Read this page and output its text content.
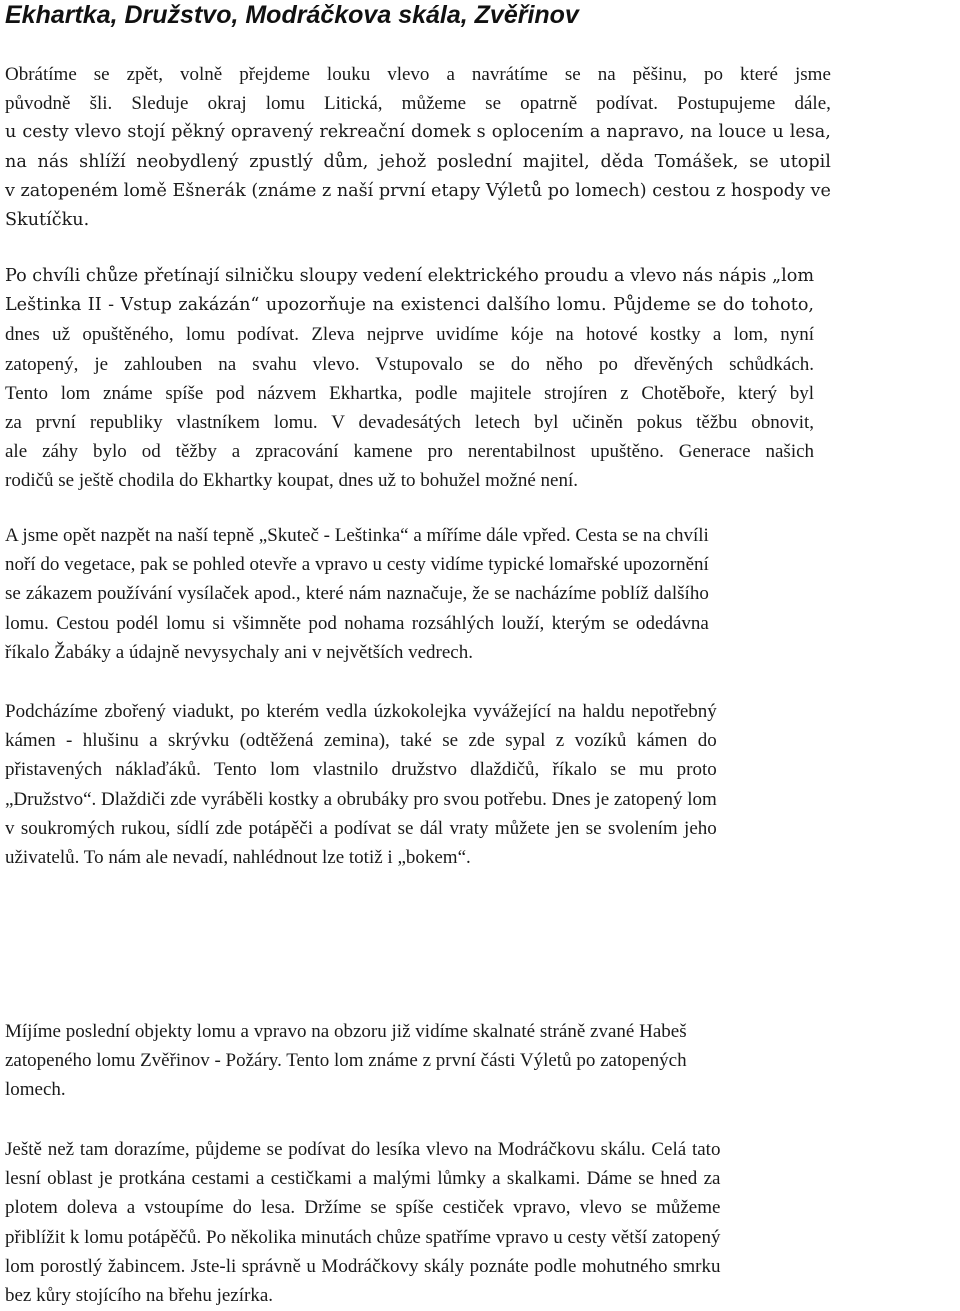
Ekhartka, Družstvo, Modráčkova skála, Zvěřinov
Obrátíme se zpět, volně přejdeme louku vlevo a navrátíme se na pěšinu, po které jsme
původně šli. Sleduje okraj lomu Litická, můžeme se opatrně podívat. Postupujeme dále,
u cesty vlevo stojí pěkný opravený rekreační domek s oplocením a napravo, na louce u lesa,
na nás shlíží neobydlený zpustlý dům, jehož poslední majitel, děda Tomášek, se utopil
v zatopeném lomě Ešnerák (známe z naší první etapy Výletů po lomech) cestou z hospody ve
Skutíčku.
Po chvíli chůze přetínají silničku sloupy vedení elektrického proudu a vlevo nás nápis „lom
Leštinka II - Vstup zakázán“ upozorňuje na existenci dalšího lomu. Půjdeme se do tohoto,
dnes už opuštěného, lomu podívat. Zleva nejprve uvidíme kóje na hotové kostky a lom, nyní
zatopený, je zahlouben na svahu vlevo. Vstupovalo se do něho po dřevěných schůdkách.
Tento lom známe spíše pod názvem Ekhartka, podle majitele strojíren z Chotěboře, který byl
za první republiky vlastníkem lomu. V devadesátých letech byl učiněn pokus těžbu obnovit,
ale záhy bylo od těžby a zpracování kamene pro nerentabilnost upuštěno. Generace našich
rodičů se ještě chodila do Ekhartky koupat, dnes už to bohužel možné není.
A jsme opět nazpět na naší tepně „Skuteč - Leštinka“ a míříme dále vpřed. Cesta se na chvíli
noří do vegetace, pak se pohled otevře a vpravo u cesty vidíme typické lomařské upozornění
se zákazem používání vysílaček apod., které nám naznačuje, že se nacházíme poblíž dalšího
lomu. Cestou podél lomu si všimněte pod nohama rozsáhlých louží, kterým se odedávna
říkalo Žabáky a údajně nevysychaly ani v největších vedrech.
Podcházíme zbořený viadukt, po kterém vedla úzkokolejka vyvážející na haldu nepotřebný
kámen - hlušinu a skrývku (odtěžená zemina), také se zde sypal z vozíků kámen do
přistavených náklaďáků. Tento lom vlastnilo družstvo dlaždičů, říkalo se mu proto
„Družstvo“. Dlaždiči zde vyráběli kostky a obrubáky pro svou potřebu. Dnes je zatopený lom
v soukromých rukou, sídlí zde potápěči a podívat se dál vraty můžete jen se svolením jeho
uživatelů. To nám ale nevadí, nahlédnout lze totiž i „bokem“.
Míjíme poslední objekty lomu a vpravo na obzoru již vidíme skalnaté stráně zvané Habeš
zatopeného lomu Zvěřinov - Požáry. Tento lom známe z první části Výletů po zatopených
lomech.
Ještě než tam dorazíme, půjdeme se podívat do lesíka vlevo na Modráčkovu skálu. Celá tato
lesní oblast je protkána cestami a cestičkami a malými lůmky a skalkami. Dáme se hned za
plotem doleva a vstoupíme do lesa. Držíme se spíše cestiček vpravo, vlevo se můžeme
přiblížit k lomu potápěčů. Po několika minutách chůze spatříme vpravo u cesty větší zatopený
lom porostlý žabincem. Jste-li správně u Modráčkovy skály poznáte podle mohutného smrku
bez kůry stojícího na břehu jezírka.
